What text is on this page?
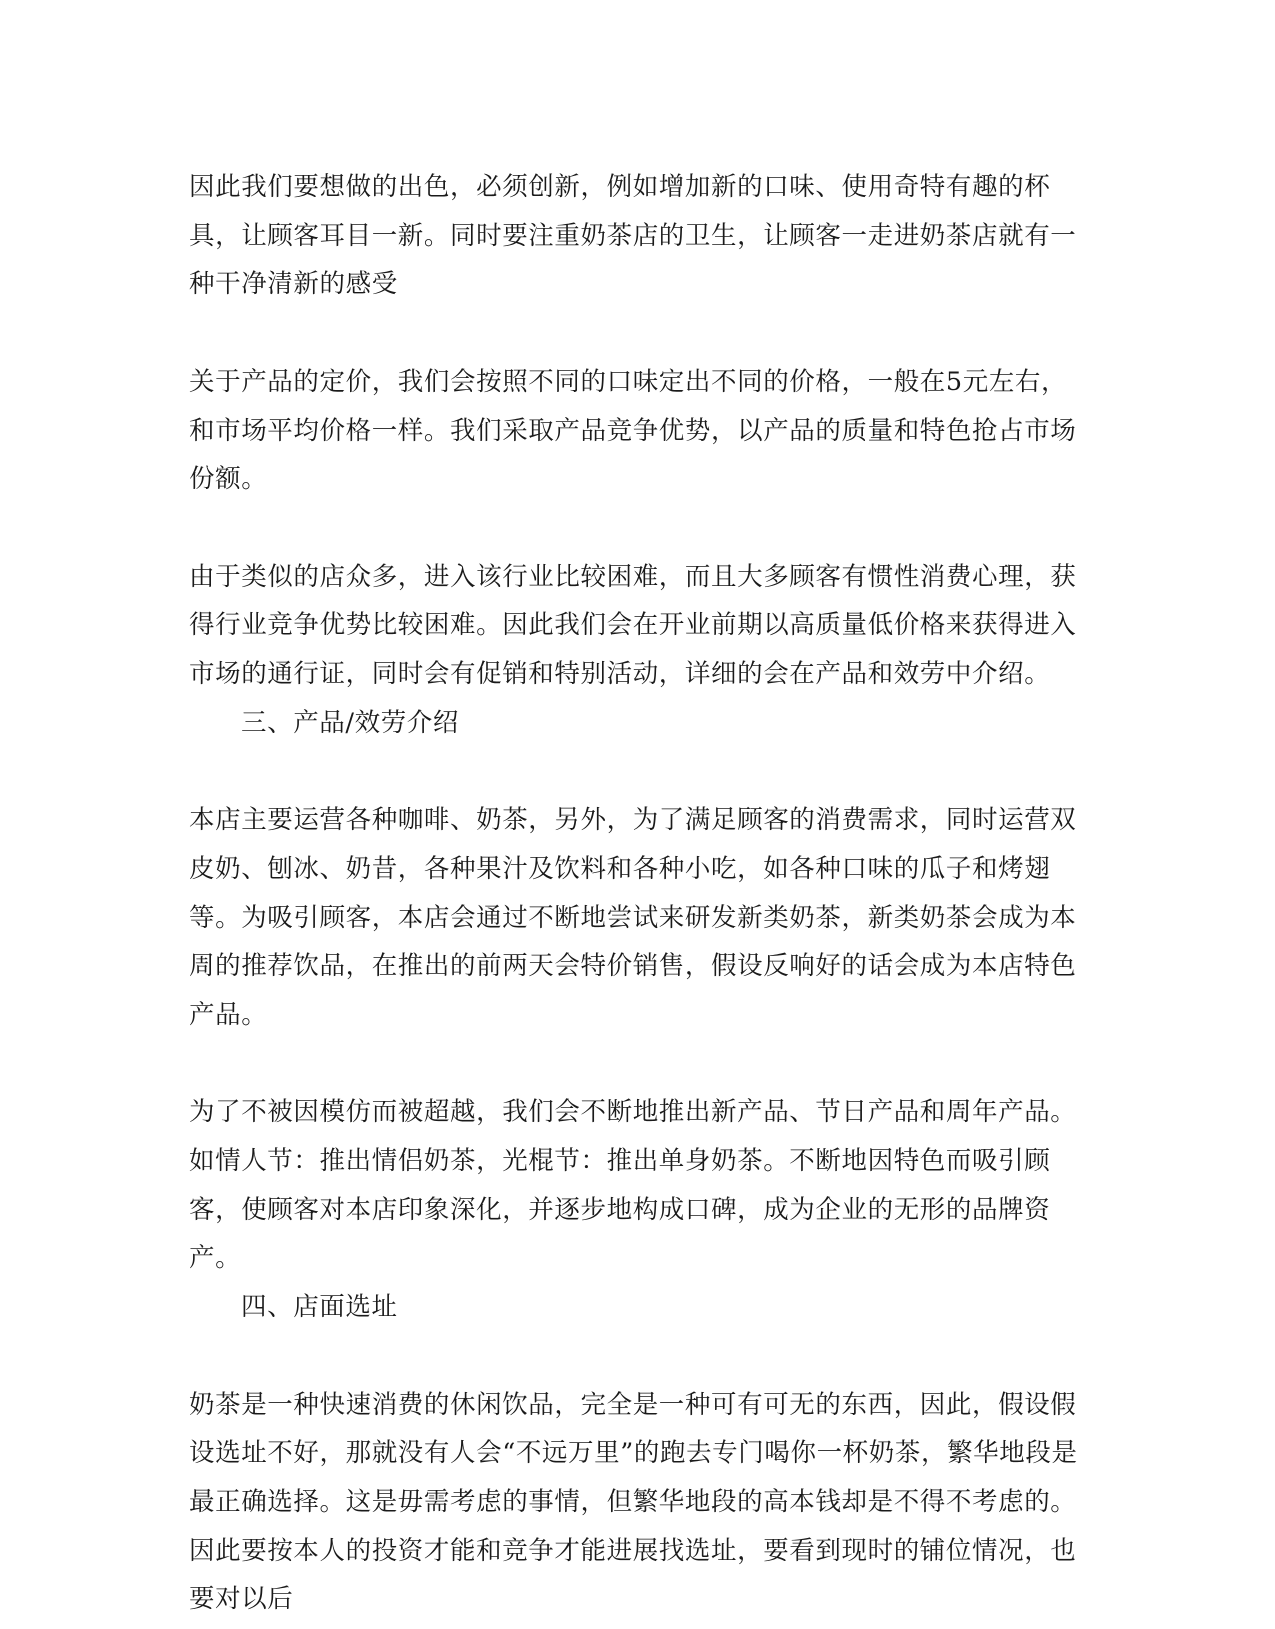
因此我们要想做的出色，必须创新，例如增加新的口味、使用奇特有趣的杯具，让顾客耳目一新。同时要注重奶茶店的卫生，让顾客一走进奶茶店就有一种干净清新的感受

关于产品的定价，我们会按照不同的口味定出不同的价格，一般在5元左右，和市场平均价格一样。我们采取产品竞争优势，以产品的质量和特色抢占市场份额。

由于类似的店众多，进入该行业比较困难，而且大多顾客有惯性消费心理，获得行业竞争优势比较困难。因此我们会在开业前期以高质量低价格来获得进入市场的通行证，同时会有促销和特别活动，详细的会在产品和效劳中介绍。

三、产品/效劳介绍

本店主要运营各种咖啡、奶茶，另外，为了满足顾客的消费需求，同时运营双皮奶、刨冰、奶昔，各种果汁及饮料和各种小吃，如各种口味的瓜子和烤翅等。为吸引顾客，本店会通过不断地尝试来研发新类奶茶，新类奶茶会成为本周的推荐饮品，在推出的前两天会特价销售，假设反响好的话会成为本店特色产品。

为了不被因模仿而被超越，我们会不断地推出新产品、节日产品和周年产品。如情人节：推出情侣奶茶，光棍节：推出单身奶茶。不断地因特色而吸引顾客，使顾客对本店印象深化，并逐步地构成口碑，成为企业的无形的品牌资产。

四、店面选址

奶茶是一种快速消费的休闲饮品，完全是一种可有可无的东西，因此，假设假设选址不好，那就没有人会“不远万里”的跑去专门喝你一杯奶茶，繁华地段是最正确选择。这是毋需考虑的事情，但繁华地段的高本钱却是不得不考虑的。因此要按本人的投资才能和竞争才能进展找选址，要看到现时的铺位情况，也要对以后
